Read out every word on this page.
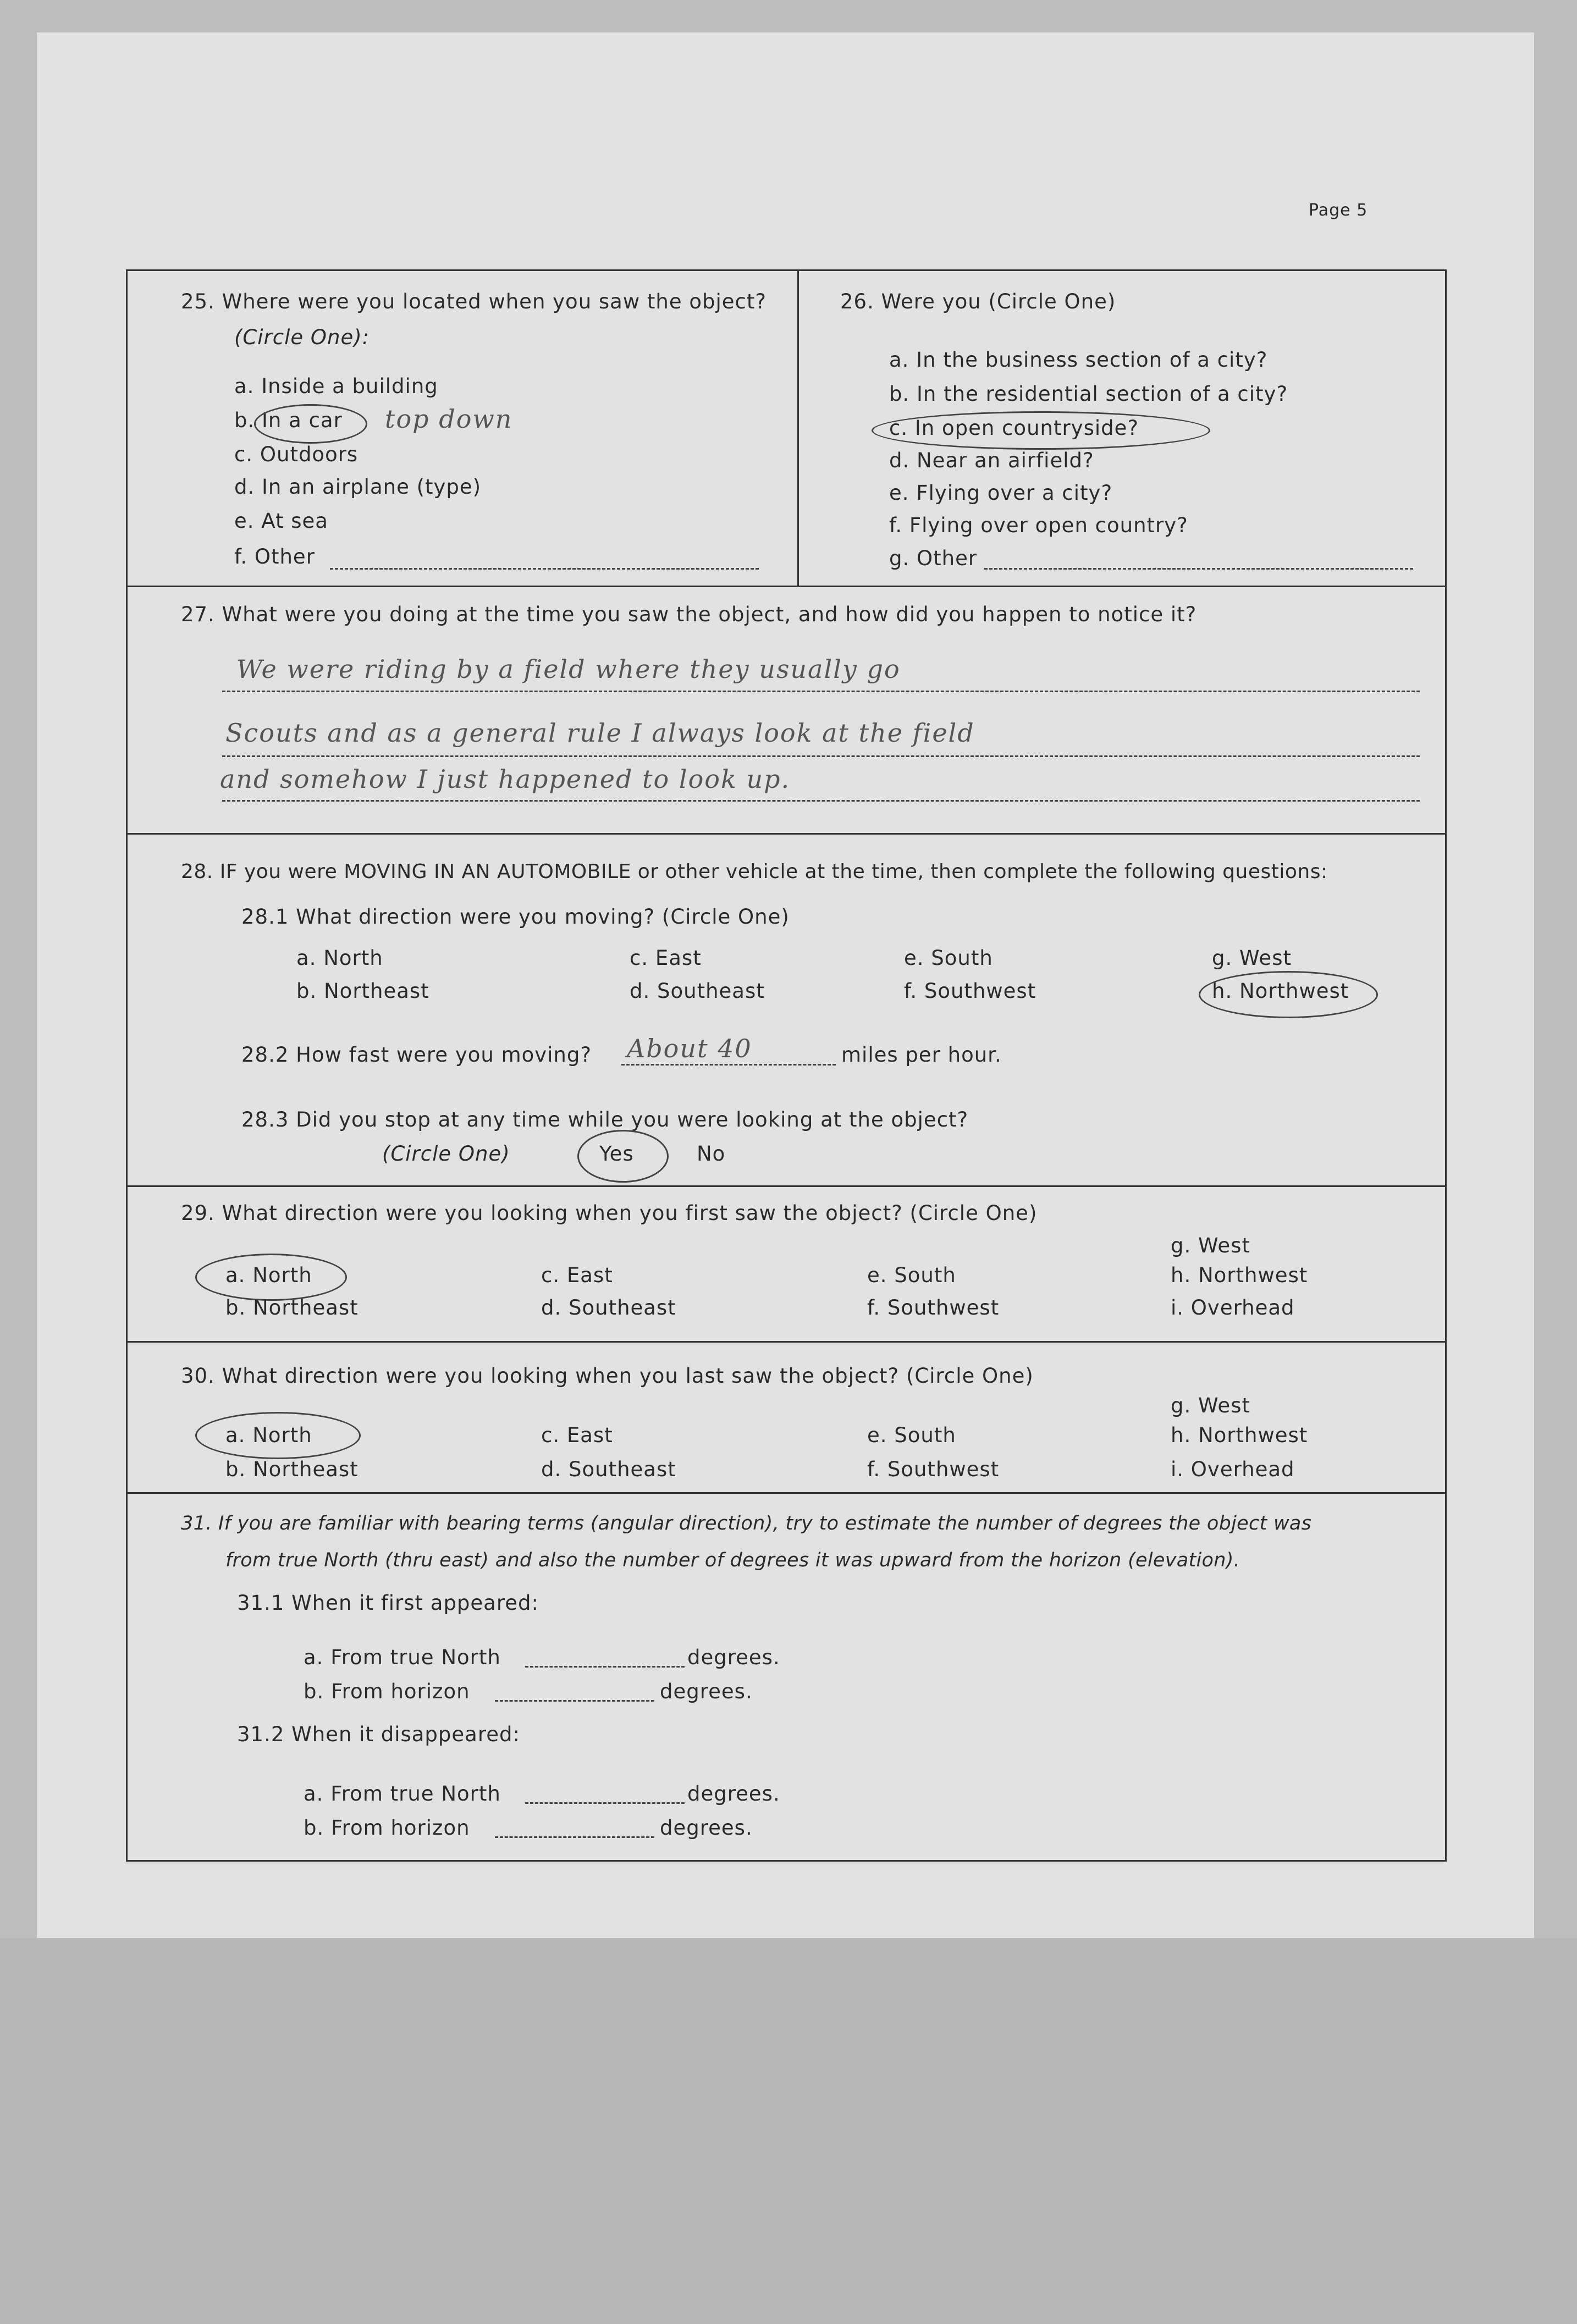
Page 5
25. Where were you located when you saw the object?
(Circle One):
a. Inside a building
b. In a car top down
c. Outdoors
d. In an airplane (type)
e. At sea
f. Other
26. Were you (Circle One)
a. In the business section of a city?
b. In the residential section of a city?
c. In open countryside?
d. Near an airfield?
e. Flying over a city?
f. Flying over open country?
g. Other
27. What were you doing at the time you saw the object, and how did you happen to notice it?
We were riding by a field where they usually go
Scouts and as a general rule I always look at the field
and somehow I just happened to look up.
28. IF you were MOVING IN AN AUTOMOBILE or other vehicle at the time, then complete the following questions:
28.1 What direction were you moving? (Circle One)
a. North
b. Northeast
c. East
d. Southeast
e. South
f. Southwest
g. West
h. Northwest
28.2 How fast were you moving? About 40	miles per hour.
28.3 Did you stop at any time while you were looking at the object?
(Circle One)	Yes	No
29. What direction were you looking when you first saw the object? (Circle One)
a. North
b. Northeast
c. East
d. Southeast
e. South
f. Southwest
g. West
h. Northwest
i. Overhead
30. What direction were you looking when you last saw the object? (Circle One)
a. North
b. Northeast
c. East
d. Southeast
e. South
f. Southwest
g. West
h. Northwest
i. Overhead
31. If you are familiar with bearing terms (angular direction), try to estimate the number of degrees the object was
from true North (thru east) and also the number of degrees it was upward from the horizon (elevation).
31.1 When it first appeared:
a. From true North	degrees.
b. From horizon	degrees.
31.2 When it disappeared:
a. From true North	degrees.
b. From horizon	degrees.
